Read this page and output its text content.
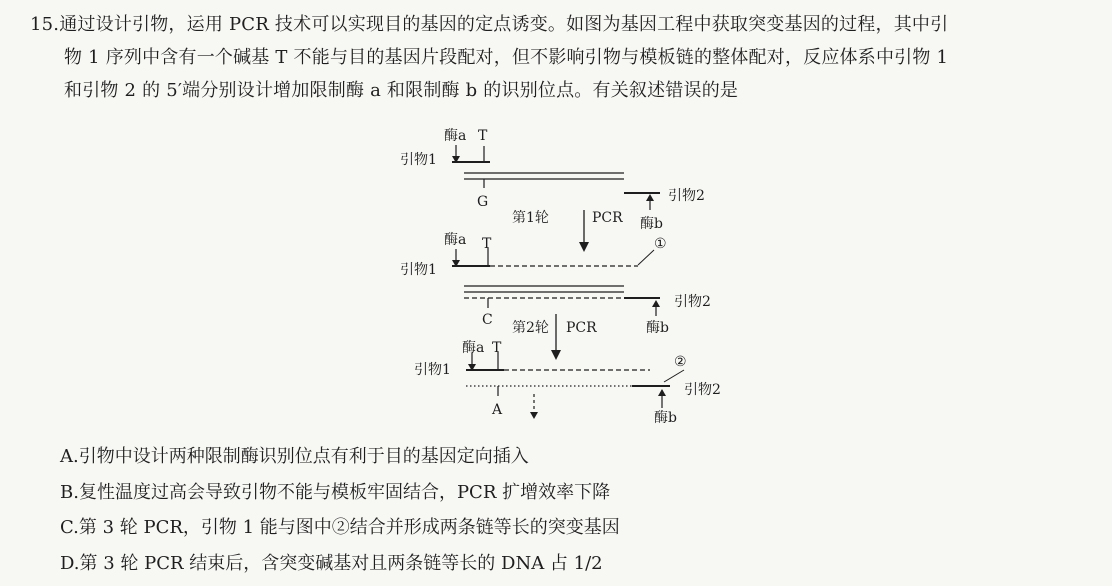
15.通过设计引物，运用 PCR 技术可以实现目的基因的定点诱变。如图为基因工程中获取突变基因的过程，其中引
物 1 序列中含有一个碱基 T 不能与目的基因片段配对，但不影响引物与模板链的整体配对，反应体系中引物 1
和引物 2 的 5′端分别设计增加限制酶 a 和限制酶 b 的识别位点。有关叙述错误的是
酶a T
引物1
G	引物2
酶b
第1轮	PCR
酶a T	①
引物1
引物2
C	酶b
第2轮 PCR
酶a T
②
引物1
引物2
A	酶b
A.引物中设计两种限制酶识别位点有利于目的基因定向插入
B.复性温度过高会导致引物不能与模板牢固结合，PCR 扩增效率下降
C.第 3 轮 PCR，引物 1 能与图中②结合并形成两条链等长的突变基因
D.第 3 轮 PCR 结束后，含突变碱基对且两条链等长的 DNA 占 1/2
